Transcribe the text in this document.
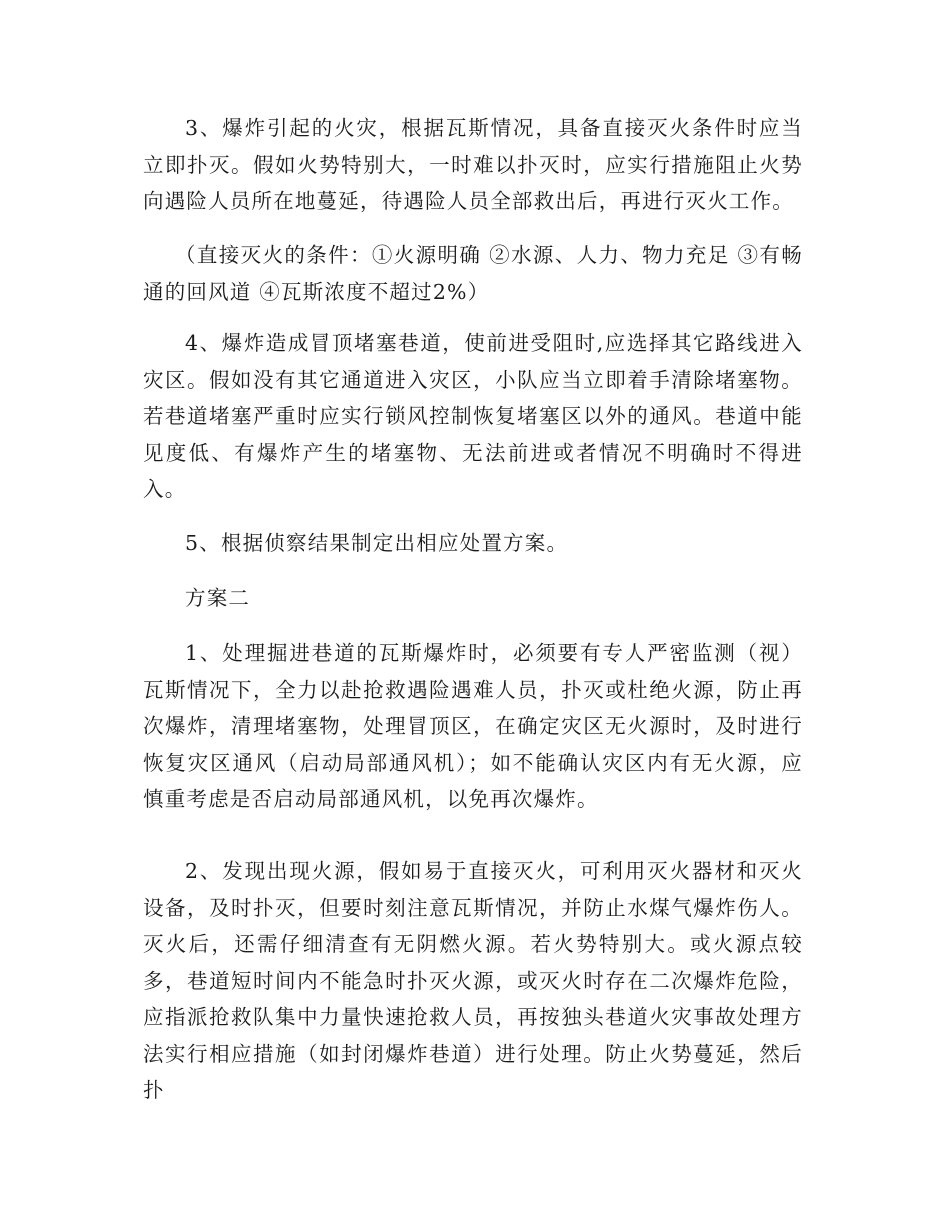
3、爆炸引起的火灾，根据瓦斯情况，具备直接灭火条件时应当立即扑灭。假如火势特别大，一时难以扑灭时，应实行措施阻止火势向遇险人员所在地蔓延，待遇险人员全部救出后，再进行灭火工作。

（直接灭火的条件：①火源明确 ②水源、人力、物力充足 ③有畅通的回风道 ④瓦斯浓度不超过2%）

4、爆炸造成冒顶堵塞巷道，使前进受阻时,应选择其它路线进入灾区。假如没有其它通道进入灾区，小队应当立即着手清除堵塞物。若巷道堵塞严重时应实行锁风控制恢复堵塞区以外的通风。巷道中能见度低、有爆炸产生的堵塞物、无法前进或者情况不明确时不得进入。

5、根据侦察结果制定出相应处置方案。

方案二

1、处理掘进巷道的瓦斯爆炸时，必须要有专人严密监测（视）瓦斯情况下，全力以赴抢救遇险遇难人员，扑灭或杜绝火源，防止再次爆炸，清理堵塞物，处理冒顶区，在确定灾区无火源时，及时进行恢复灾区通风（启动局部通风机）；如不能确认灾区内有无火源，应慎重考虑是否启动局部通风机，以免再次爆炸。

2、发现出现火源，假如易于直接灭火，可利用灭火器材和灭火设备，及时扑灭，但要时刻注意瓦斯情况，并防止水煤气爆炸伤人。灭火后，还需仔细清查有无阴燃火源。若火势特别大。或火源点较多，巷道短时间内不能急时扑灭火源，或灭火时存在二次爆炸危险，应指派抢救队集中力量快速抢救人员，再按独头巷道火灾事故处理方法实行相应措施（如封闭爆炸巷道）进行处理。防止火势蔓延，然后扑
